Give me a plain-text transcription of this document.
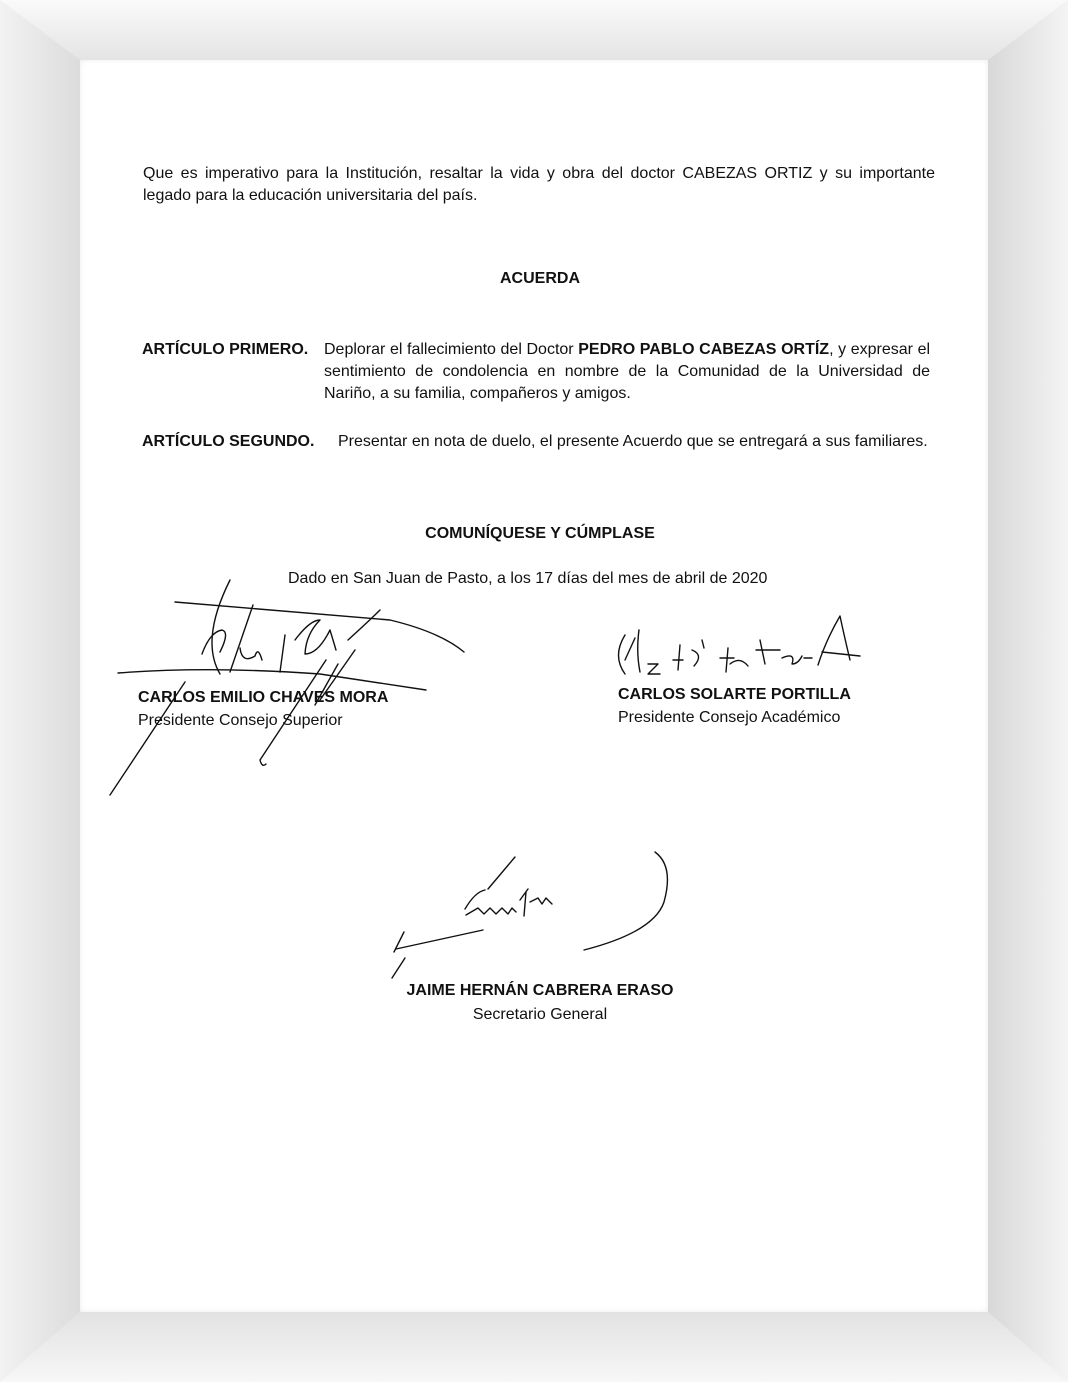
Que es imperativo para la Institución, resaltar la vida y obra del doctor CABEZAS ORTIZ y su importante legado para la educación universitaria del país.
ACUERDA
ARTÍCULO PRIMERO. Deplorar el fallecimiento del Doctor PEDRO PABLO CABEZAS ORTÍZ, y expresar el sentimiento de condolencia en nombre de la Comunidad de la Universidad de Nariño, a su familia, compañeros y amigos.
ARTÍCULO SEGUNDO.	Presentar en nota de duelo, el presente Acuerdo que se entregará a sus familiares.
COMUNÍQUESE Y CÚMPLASE
Dado en San Juan de Pasto, a los 17 días del mes de abril de 2020
CARLOS EMILIO CHAVES MORA
Presidente Consejo Superior
CARLOS SOLARTE PORTILLA
Presidente Consejo Académico
JAIME HERNÁN CABRERA ERASO
Secretario General
